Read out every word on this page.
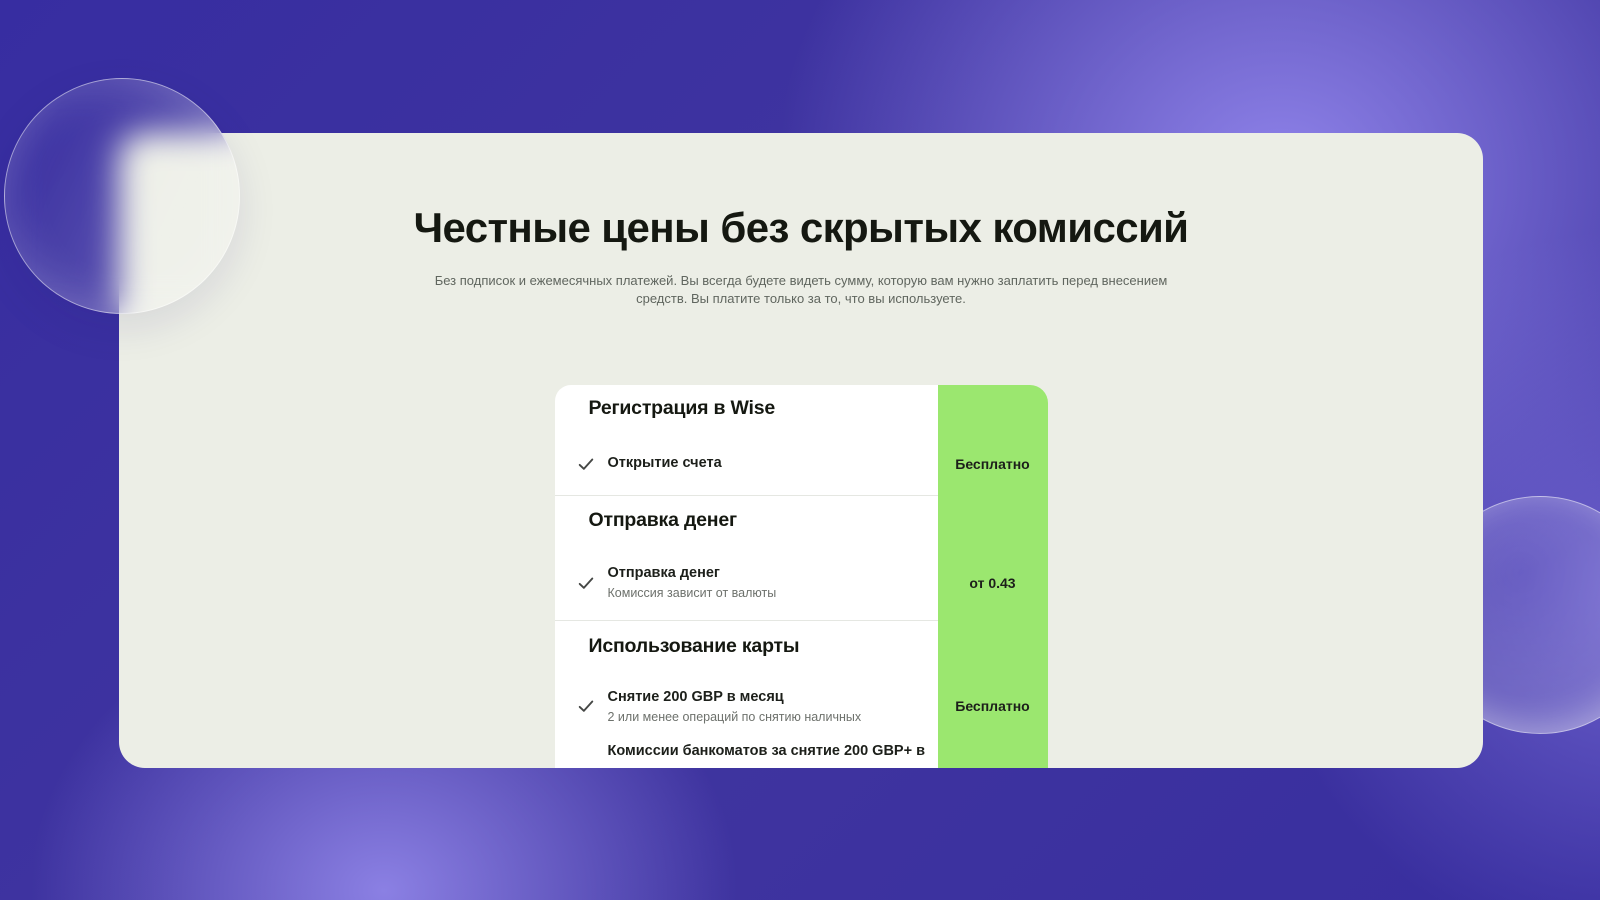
Честные цены без скрытых комиссий

Без подписок и ежемесячных платежей. Вы всегда будете видеть сумму, которую вам нужно заплатить перед внесением средств. Вы платите только за то, что вы используете.

Регистрация в Wise
Открытие счета	Бесплатно
Отправка денег
Отправка денег
Комиссия зависит от валюты
от 0.43
Использование карты
Снятие 200 GBP в месяц
2 или менее операций по снятию наличных
Бесплатно
Комиссии банкоматов за снятие 200 GBP+ в
